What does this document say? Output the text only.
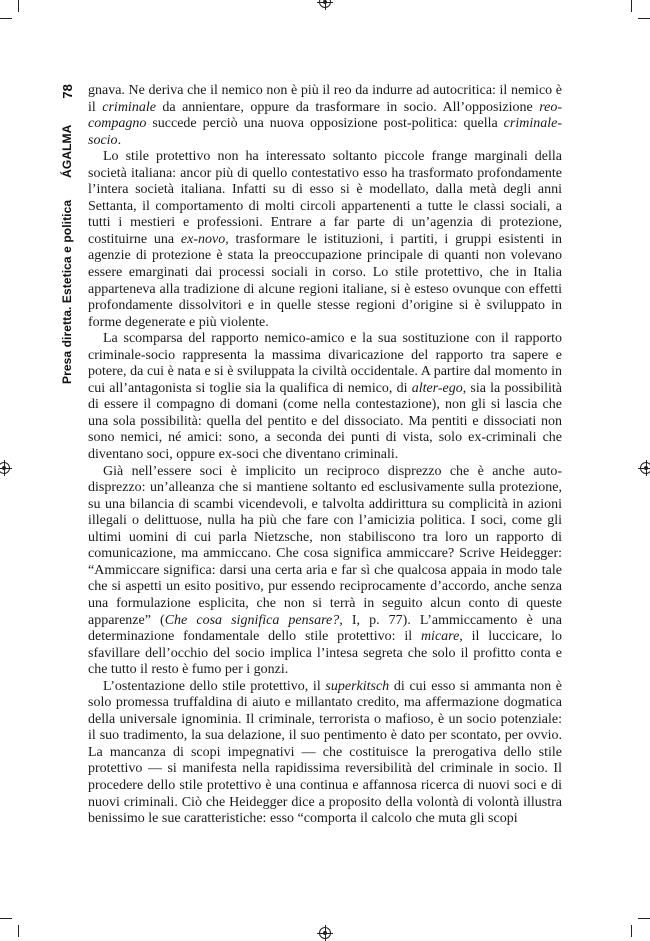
78
Presa diretta. Estetica e politica
ÁGALMA

gnava. Ne deriva che il nemico non è più il reo da indurre ad autocritica: il nemico è il criminale da annientare, oppure da trasformare in socio. All’opposizione reo-compagno succede perciò una nuova opposizione post-politica: quella criminale-socio.

Lo stile protettivo non ha interessato soltanto piccole frange marginali della società italiana: ancor più di quello contestativo esso ha trasformato profondamente l’intera società italiana. Infatti su di esso si è modellato, dalla metà degli anni Settanta, il comportamento di molti circoli appartenenti a tutte le classi sociali, a tutti i mestieri e professioni. Entrare a far parte di un’agenzia di protezione, costituirne una ex-novo, trasformare le istituzioni, i partiti, i gruppi esistenti in agenzie di protezione è stata la preoccupazione principale di quanti non volevano essere emarginati dai processi sociali in corso. Lo stile protettivo, che in Italia apparteneva alla tradizione di alcune regioni italiane, si è esteso ovunque con effetti profondamente dissolvitori e in quelle stesse regioni d’origine si è sviluppato in forme degenerate e più violente.

La scomparsa del rapporto nemico-amico e la sua sostituzione con il rapporto criminale-socio rappresenta la massima divaricazione del rapporto tra sapere e potere, da cui è nata e si è sviluppata la civiltà occidentale. A partire dal momento in cui all’antagonista si toglie sia la qualifica di nemico, di alter-ego, sia la possibilità di essere il compagno di domani (come nella contestazione), non gli si lascia che una sola possibilità: quella del pentito e del dissociato. Ma pentiti e dissociati non sono nemici, né amici: sono, a seconda dei punti di vista, solo ex-criminali che diventano soci, oppure ex-soci che diventano criminali.

Già nell’essere soci è implicito un reciproco disprezzo che è anche auto-disprezzo: un’alleanza che si mantiene soltanto ed esclusivamente sulla protezione, su una bilancia di scambi vicendevoli, e talvolta addirittura su complicità in azioni illegali o delittuose, nulla ha più che fare con l’amicizia politica. I soci, come gli ultimi uomini di cui parla Nietzsche, non stabiliscono tra loro un rapporto di comunicazione, ma ammiccano. Che cosa significa ammiccare? Scrive Heidegger: “Ammiccare significa: darsi una certa aria e far sì che qualcosa appaia in modo tale che si aspetti un esito positivo, pur essendo reciprocamente d’accordo, anche senza una formulazione esplicita, che non si terrà in seguito alcun conto di queste apparenze” (Che cosa significa pensare?, I, p. 77). L’ammiccamento è una determinazione fondamentale dello stile protettivo: il micare, il luccicare, lo sfavillare dell’occhio del socio implica l’intesa segreta che solo il profitto conta e che tutto il resto è fumo per i gonzi.

L’ostentazione dello stile protettivo, il superkitsch di cui esso si ammanta non è solo promessa truffaldina di aiuto e millantato credito, ma affermazione dogmatica della universale ignominia. Il criminale, terrorista o mafioso, è un socio potenziale: il suo tradimento, la sua delazione, il suo pentimento è dato per scontato, per ovvio. La mancanza di scopi impegnativi — che costituisce la prerogativa dello stile protettivo — si manifesta nella rapidissima reversibilità del criminale in socio. Il procedere dello stile protettivo è una continua e affannosa ricerca di nuovi soci e di nuovi criminali. Ciò che Heidegger dice a proposito della volontà di volontà illustra benissimo le sue caratteristiche: esso “comporta il calcolo che muta gli scopi
